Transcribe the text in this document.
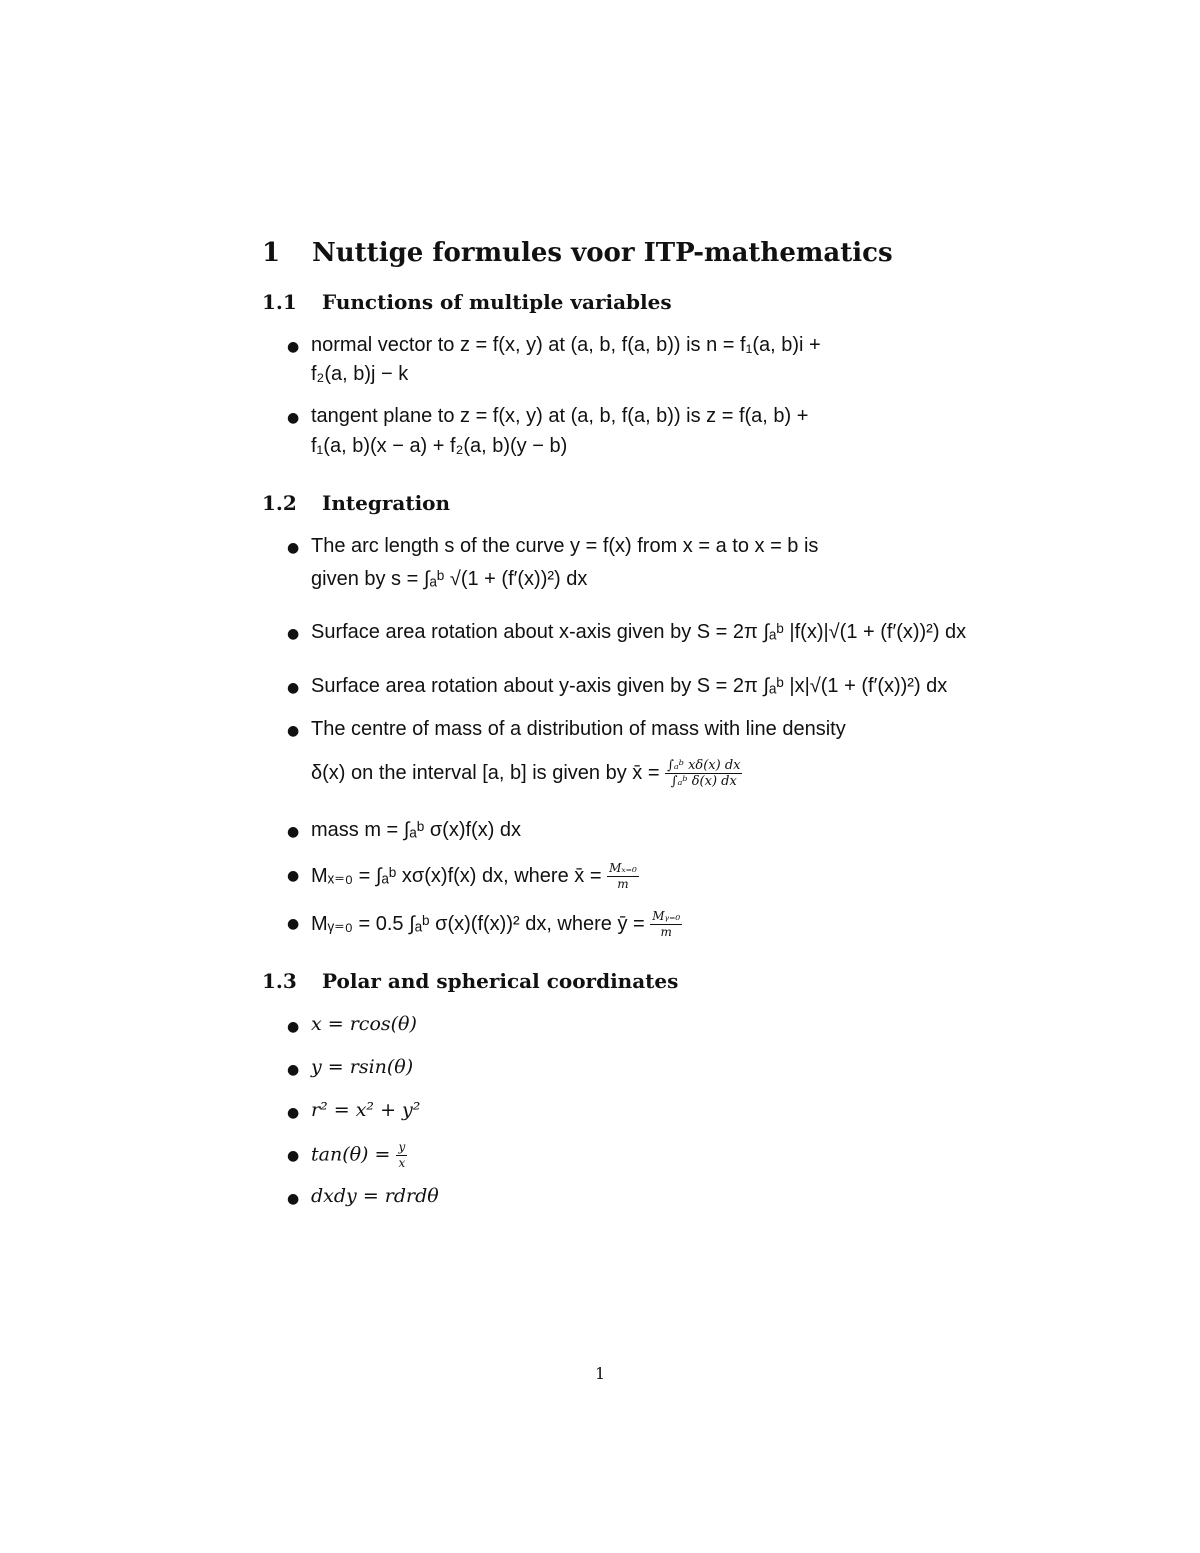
1 Nuttige formules voor ITP-mathematics
1.1 Functions of multiple variables
● normal vector to z = f(x, y) at (a, b, f(a, b)) is n = f₁(a, b)i +
f₂(a, b)j − k
● tangent plane to z = f(x, y) at (a, b, f(a, b)) is z = f(a, b) +
f₁(a, b)(x − a) + f₂(a, b)(y − b)
1.2 Integration
● The arc length s of the curve y = f(x) from x = a to x = b is
given by s = ∫ₐᵇ √(1 + (f′(x))²) dx
● Surface area rotation about x-axis given by S = 2π ∫ₐᵇ |f(x)|√(1 + (f′(x))²) dx
● Surface area rotation about y-axis given by S = 2π ∫ₐᵇ |x|√(1 + (f′(x))²) dx
● The centre of mass of a distribution of mass with line density
δ(x) on the interval [a, b] is given by x̄ = $\frac{\text{∫ₐᵇ xδ(x) dx}}{\text{∫ₐᵇ δ(x) dx}}$
● mass m = ∫ₐᵇ σ(x)f(x) dx
● Mₓ₌₀ = ∫ₐᵇ xσ(x)f(x) dx, where x̄ = $\frac{\text{Mₓ₌₀}}{m}$
● Mᵧ₌₀ = 0.5 ∫ₐᵇ σ(x)(f(x))² dx, where ȳ = $\frac{\text{Mᵧ₌₀}}{m}$
1.3 Polar and spherical coordinates
● x = rcos(θ)
● y = rsin(θ)
● r² = x² + y²
● $\tan(\theta) = \frac{y}{x}$
● dxdy = rdrdθ
1
